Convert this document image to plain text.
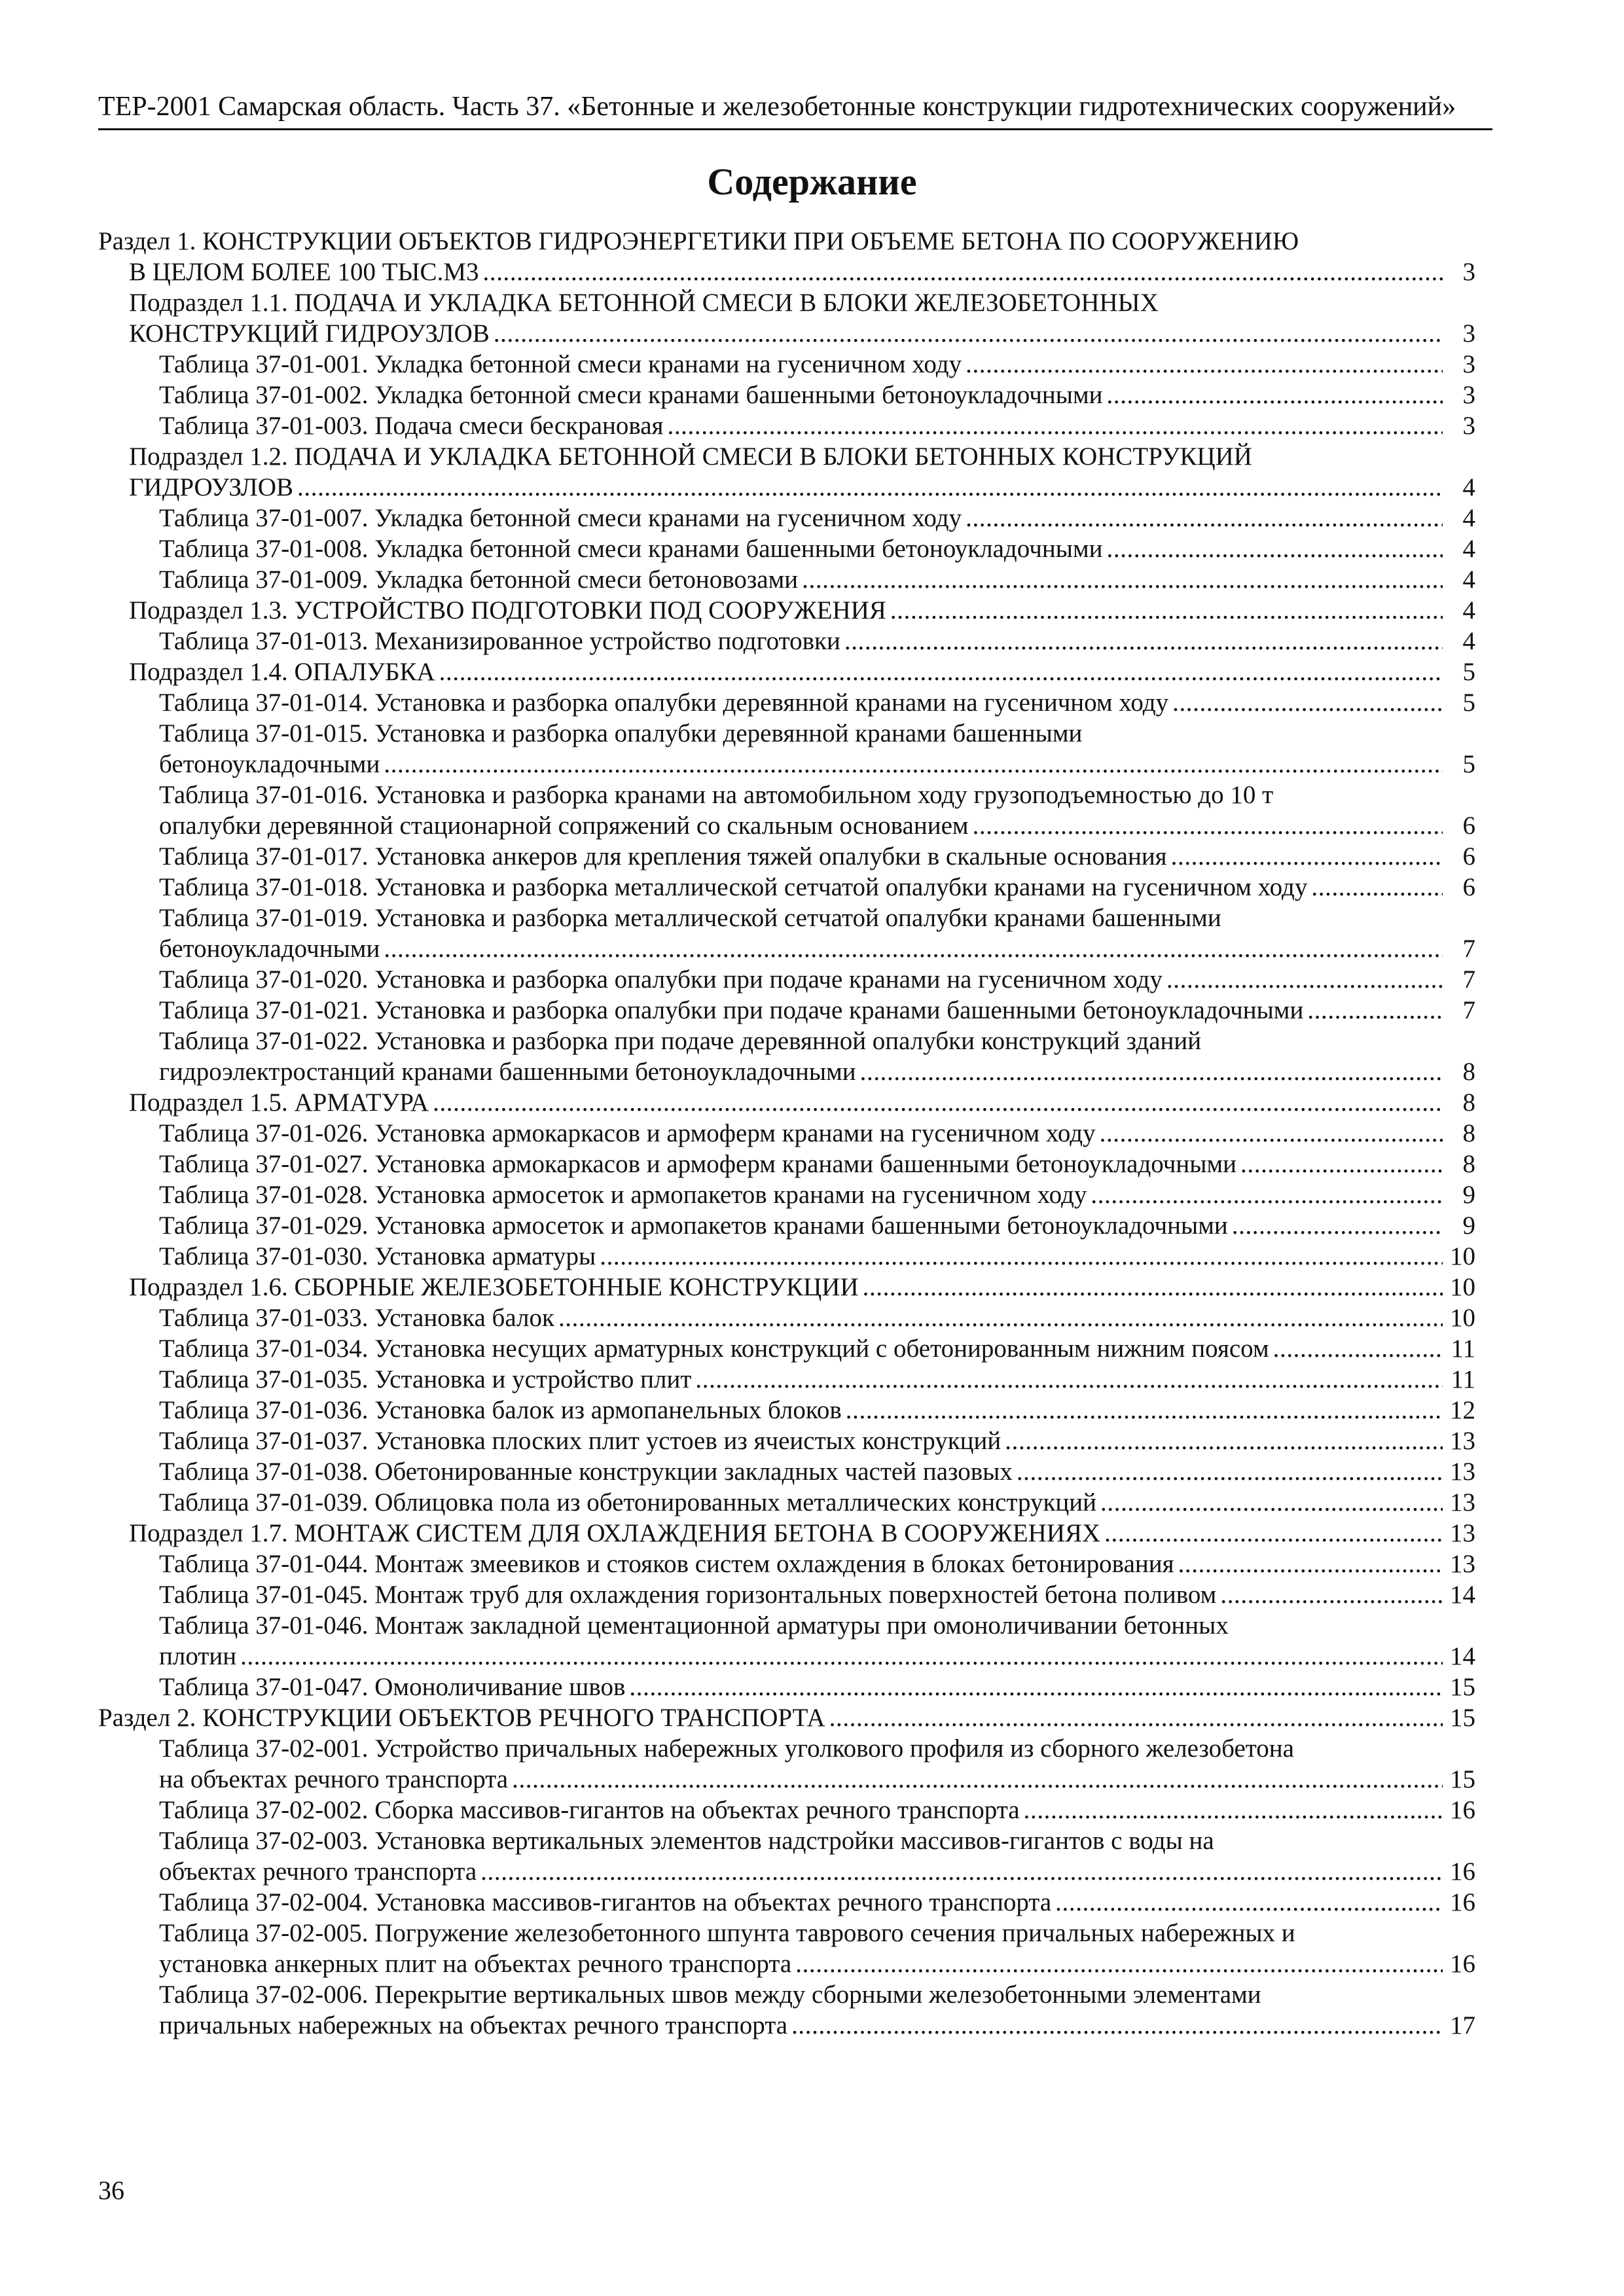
ТЕР-2001 Самарская область. Часть 37. «Бетонные и железобетонные конструкции гидротехнических сооружений»
Содержание
Раздел 1. КОНСТРУКЦИИ ОБЪЕКТОВ ГИДРОЭНЕРГЕТИКИ ПРИ ОБЪЕМЕ БЕТОНА ПО СООРУЖЕНИЮ
В ЦЕЛОМ БОЛЕЕ 100 ТЫС.М3 .....	3
Подраздел 1.1. ПОДАЧА И УКЛАДКА БЕТОННОЙ СМЕСИ В БЛОКИ ЖЕЛЕЗОБЕТОННЫХ
КОНСТРУКЦИЙ ГИДРОУЗЛОВ .....	3
Таблица 37-01-001. Укладка бетонной смеси кранами на гусеничном ходу .....	3
Таблица 37-01-002. Укладка бетонной смеси кранами башенными бетоноукладочными .....	3
Таблица 37-01-003. Подача смеси бескрановая .....	3
Подраздел 1.2. ПОДАЧА И УКЛАДКА БЕТОННОЙ СМЕСИ В БЛОКИ БЕТОННЫХ КОНСТРУКЦИЙ
ГИДРОУЗЛОВ .....	4
Таблица 37-01-007. Укладка бетонной смеси кранами на гусеничном ходу .....	4
Таблица 37-01-008. Укладка бетонной смеси кранами башенными бетоноукладочными .....	4
Таблица 37-01-009. Укладка бетонной смеси бетоновозами .....	4
Подраздел 1.3. УСТРОЙСТВО ПОДГОТОВКИ ПОД СООРУЖЕНИЯ .....	4
Таблица 37-01-013. Механизированное устройство подготовки .....	4
Подраздел 1.4. ОПАЛУБКА .....	5
Таблица 37-01-014. Установка и разборка опалубки деревянной кранами на гусеничном ходу .....	5
Таблица 37-01-015. Установка и разборка опалубки деревянной кранами башенными
бетоноукладочными .....	5
Таблица 37-01-016. Установка и разборка кранами на автомобильном ходу грузоподъемностью до 10 т
опалубки деревянной стационарной сопряжений со скальным основанием .....	6
Таблица 37-01-017. Установка анкеров для крепления тяжей опалубки в скальные основания .....	6
Таблица 37-01-018. Установка и разборка металлической сетчатой опалубки кранами на гусеничном ходу .....	6
Таблица 37-01-019. Установка и разборка металлической сетчатой опалубки кранами башенными
бетоноукладочными .....	7
Таблица 37-01-020. Установка и разборка опалубки при подаче кранами на гусеничном ходу .....	7
Таблица 37-01-021. Установка и разборка опалубки при подаче кранами башенными бетоноукладочными .....	7
Таблица 37-01-022. Установка и разборка при подаче деревянной опалубки конструкций зданий
гидроэлектростанций кранами башенными бетоноукладочными .....	8
Подраздел 1.5. АРМАТУРА .....	8
Таблица 37-01-026. Установка армокаркасов и армоферм кранами на гусеничном ходу .....	8
Таблица 37-01-027. Установка армокаркасов и армоферм кранами башенными бетоноукладочными .....	8
Таблица 37-01-028. Установка армосеток и армопакетов кранами на гусеничном ходу .....	9
Таблица 37-01-029. Установка армосеток и армопакетов кранами башенными бетоноукладочными .....	9
Таблица 37-01-030. Установка арматуры .....	10
Подраздел 1.6. СБОРНЫЕ ЖЕЛЕЗОБЕТОННЫЕ КОНСТРУКЦИИ .....	10
Таблица 37-01-033. Установка балок .....	10
Таблица 37-01-034. Установка несущих арматурных конструкций с обетонированным нижним поясом .....	11
Таблица 37-01-035. Установка и устройство плит .....	11
Таблица 37-01-036. Установка балок из армопанельных блоков .....	12
Таблица 37-01-037. Установка плоских плит устоев из ячеистых конструкций .....	13
Таблица 37-01-038. Обетонированные конструкции закладных частей пазовых .....	13
Таблица 37-01-039. Облицовка пола из обетонированных металлических конструкций .....	13
Подраздел 1.7. МОНТАЖ СИСТЕМ ДЛЯ ОХЛАЖДЕНИЯ БЕТОНА В СООРУЖЕНИЯХ .....	13
Таблица 37-01-044. Монтаж змеевиков и стояков систем охлаждения в блоках бетонирования .....	13
Таблица 37-01-045. Монтаж труб для охлаждения горизонтальных поверхностей бетона поливом .....	14
Таблица 37-01-046. Монтаж закладной цементационной арматуры при омоноличивании бетонных
плотин .....	14
Таблица 37-01-047. Омоноличивание швов .....	15
Раздел 2. КОНСТРУКЦИИ ОБЪЕКТОВ РЕЧНОГО ТРАНСПОРТА .....	15
Таблица 37-02-001. Устройство причальных набережных уголкового профиля из сборного железобетона
на объектах речного транспорта .....	15
Таблица 37-02-002. Сборка массивов-гигантов на объектах речного транспорта .....	16
Таблица 37-02-003. Установка вертикальных элементов надстройки массивов-гигантов с воды на
объектах речного транспорта .....	16
Таблица 37-02-004. Установка массивов-гигантов на объектах речного транспорта .....	16
Таблица 37-02-005. Погружение железобетонного шпунта таврового сечения причальных набережных и
установка анкерных плит на объектах речного транспорта .....	16
Таблица 37-02-006. Перекрытие вертикальных швов между сборными железобетонными элементами
причальных набережных на объектах речного транспорта .....	17
36
